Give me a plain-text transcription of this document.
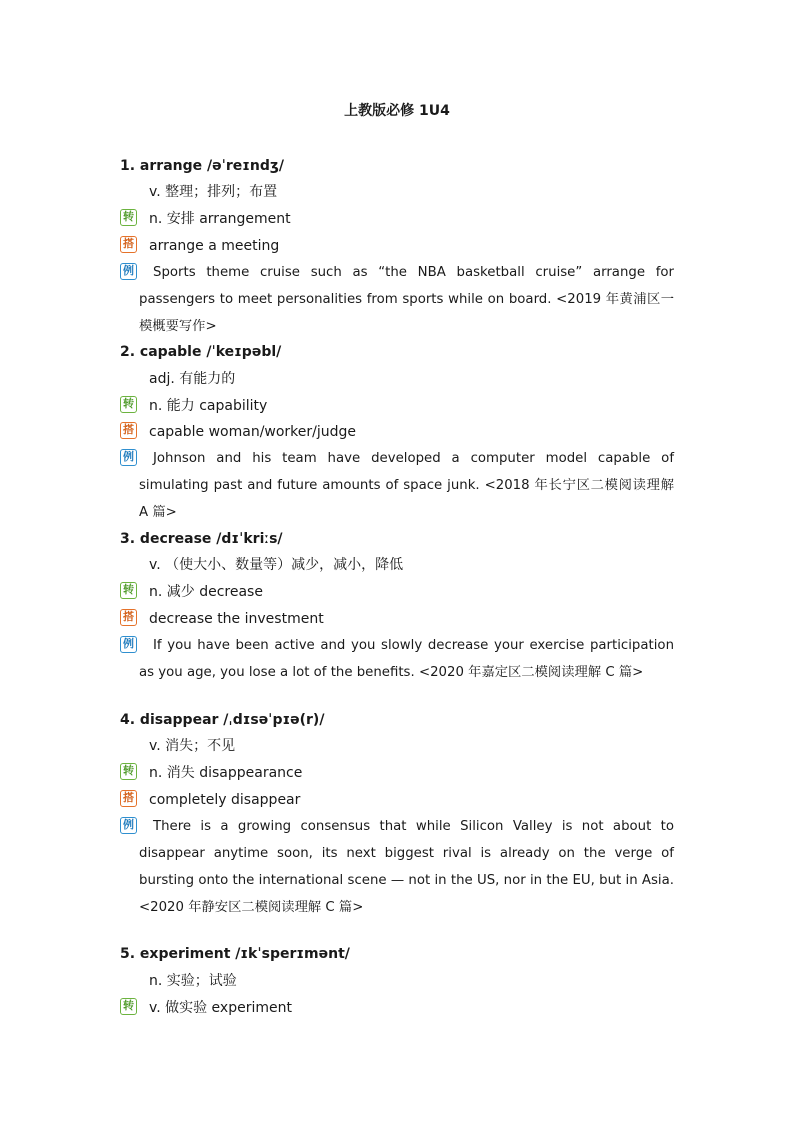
上教版必修 1U4
1. arrange /əˈreɪndʒ/
v. 整理；排列；布置
转 n. 安排 arrangement
搭 arrange a meeting
例	Sports theme cruise such as “the NBA basketball cruise” arrange for passengers to meet personalities from sports while on board. <2019 年黄浦区一模概要写作>
2. capable /ˈkeɪpəbl/
adj. 有能力的
转 n. 能力 capability
搭 capable woman/worker/judge
例	Johnson and his team have developed a computer model capable of simulating past and future amounts of space junk. <2018 年长宁区二模阅读理解 A 篇>
3. decrease /dɪˈkriːs/
v. （使大小、数量等）减少，减小，降低
转 n. 减少 decrease
搭 decrease the investment
例	If you have been active and you slowly decrease your exercise participation as you age, you lose a lot of the benefits. <2020 年嘉定区二模阅读理解 C 篇>
4. disappear /ˌdɪsəˈpɪə(r)/
v. 消失；不见
转 n. 消失 disappearance
搭 completely disappear
例	There is a growing consensus that while Silicon Valley is not about to disappear anytime soon, its next biggest rival is already on the verge of bursting onto the international scene — not in the US, nor in the EU, but in Asia. <2020 年静安区二模阅读理解 C 篇>
5. experiment /ɪkˈsperɪmənt/
n. 实验；试验
转 v. 做实验 experiment
